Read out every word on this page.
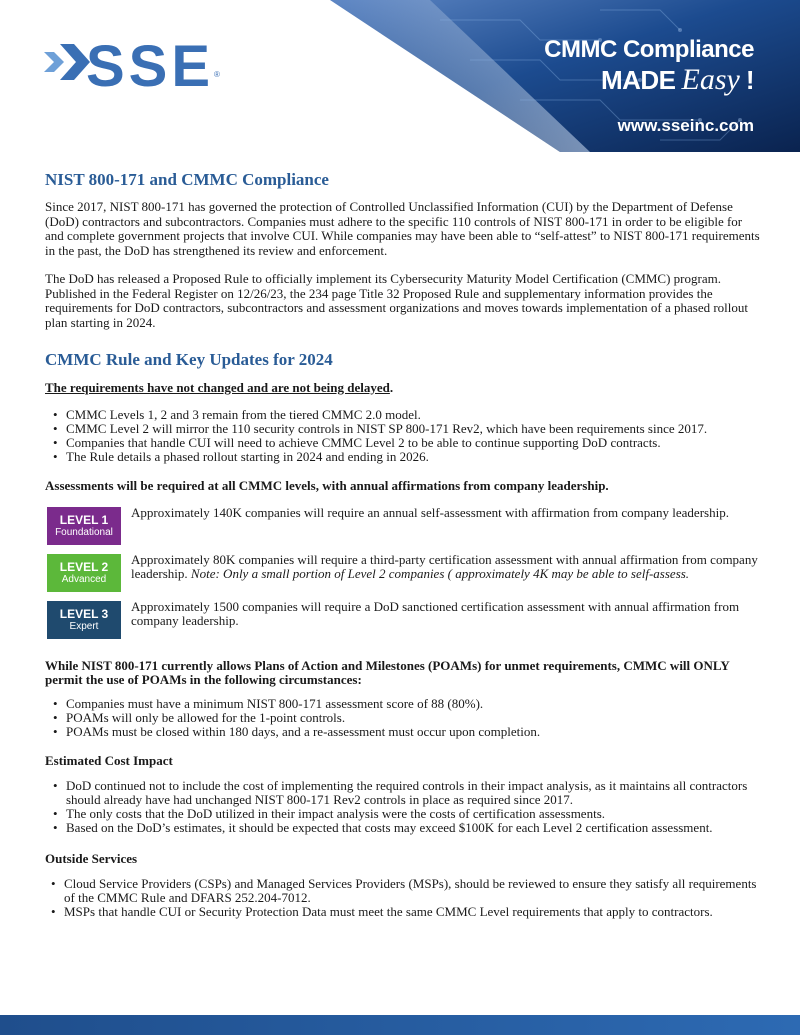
SSE ®
CMMC Compliance
MADE Easy !
www.sseinc.com
NIST 800-171 and CMMC Compliance

Since 2017, NIST 800-171 has governed the protection of Controlled Unclassified Information (CUI) by the Department of Defense (DoD) contractors and subcontractors. Companies must adhere to the specific 110 controls of NIST 800-171 in order to be eligible for and complete government projects that involve CUI. While companies may have been able to “self-attest” to NIST 800-171 requirements in the past, the DoD has strengthened its review and enforcement.

The DoD has released a Proposed Rule to officially implement its Cybersecurity Maturity Model Certification (CMMC) program. Published in the Federal Register on 12/26/23, the 234 page Title 32 Proposed Rule and supplementary information provides the requirements for DoD contractors, subcontractors and assessment organizations and moves towards implementation of a phased rollout plan starting in 2024.

CMMC Rule and Key Updates for 2024
The requirements have not changed and are not being delayed.
• CMMC Levels 1, 2 and 3 remain from the tiered CMMC 2.0 model.
• CMMC Level 2 will mirror the 110 security controls in NIST SP 800-171 Rev2, which have been requirements since 2017.
• Companies that handle CUI will need to achieve CMMC Level 2 to be able to continue supporting DoD contracts.
• The Rule details a phased rollout starting in 2024 and ending in 2026.
Assessments will be required at all CMMC levels, with annual affirmations from company leadership.
LEVEL 1
Foundational
Approximately 140K companies will require an annual self-assessment with affirmation from company leadership.
LEVEL 2
Advanced
Approximately 80K companies will require a third-party certification assessment with annual affirmation from company leadership. Note: Only a small portion of Level 2 companies ( approximately 4K may be able to self-assess.
LEVEL 3
Expert
Approximately 1500 companies will require a DoD sanctioned certification assessment with annual affirmation from company leadership.
While NIST 800-171 currently allows Plans of Action and Milestones (POAMs) for unmet requirements, CMMC will ONLY permit the use of POAMs in the following circumstances:
• Companies must have a minimum NIST 800-171 assessment score of 88 (80%).
• POAMs will only be allowed for the 1-point controls.
• POAMs must be closed within 180 days, and a re-assessment must occur upon completion.
Estimated Cost Impact
• DoD continued not to include the cost of implementing the required controls in their impact analysis, as it maintains all contractors should already have had unchanged NIST 800-171 Rev2 controls in place as required since 2017.
• The only costs that the DoD utilized in their impact analysis were the costs of certification assessments.
• Based on the DoD’s estimates, it should be expected that costs may exceed $100K for each Level 2 certification assessment.
Outside Services
• Cloud Service Providers (CSPs) and Managed Services Providers (MSPs), should be reviewed to ensure they satisfy all requirements of the CMMC Rule and DFARS 252.204-7012.
• MSPs that handle CUI or Security Protection Data must meet the same CMMC Level requirements that apply to contractors.
